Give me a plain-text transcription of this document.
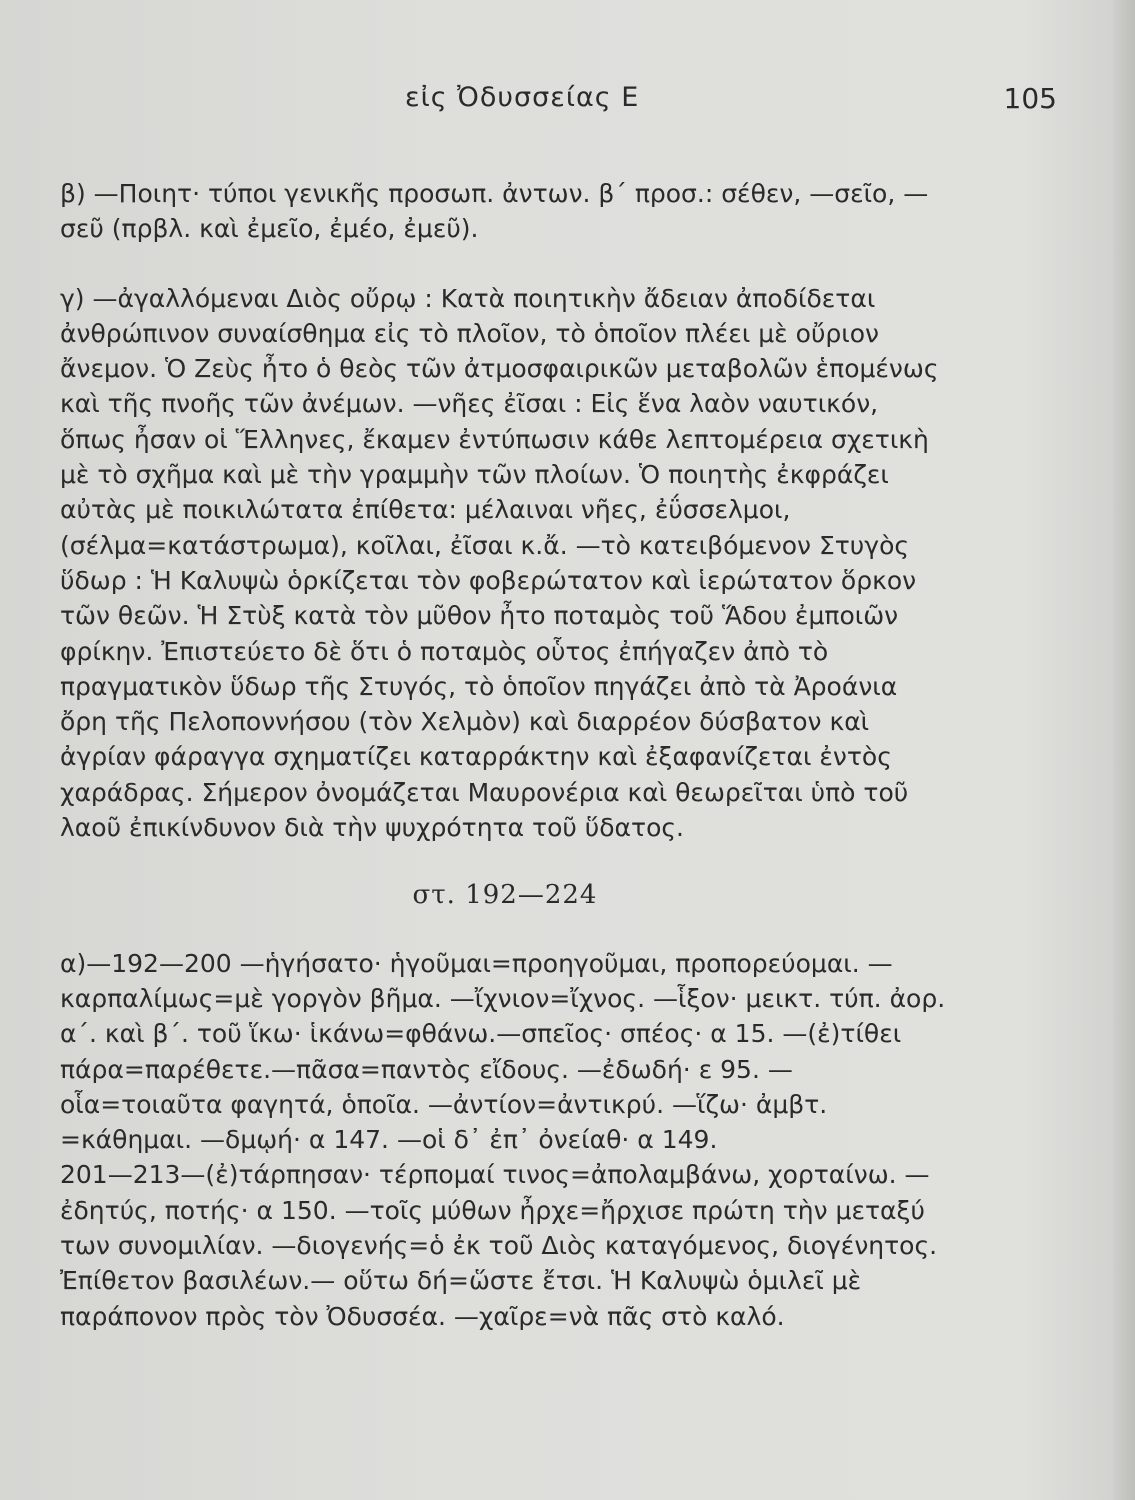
εἰς Ὀδυσσείας Ε	105

β) —Ποιητ· τύποι γενικῆς προσωπ. ἀντων. β΄ προσ.: σέθεν, —σεῖο, —σεῦ (πρβλ. καὶ ἐμεῖο, ἐμέο, ἐμεῦ).

γ) —ἀγαλλόμεναι Διὸς οὔρῳ : Κατὰ ποιητικὴν ἄδειαν ἀποδίδεται ἀνθρώπινον συναίσθημα εἰς τὸ πλοῖον, τὸ ὁποῖον πλέει μὲ οὔριον ἄνεμον. Ὁ Ζεὺς ἦτο ὁ θεὸς τῶν ἀτμοσφαιρικῶν μεταβολῶν ἑπομένως καὶ τῆς πνοῆς τῶν ἀνέμων. —νῆες ἐῖσαι : Εἰς ἕνα λαὸν ναυτικόν, ὅπως ἦσαν οἱ Ἕλληνες, ἔκαμεν ἐντύπωσιν κάθε λεπτομέρεια σχετικὴ μὲ τὸ σχῆμα καὶ μὲ τὴν γραμμὴν τῶν πλοίων. Ὁ ποιητὴς ἐκφράζει αὐτὰς μὲ ποικιλώτατα ἐπίθετα: μέλαιναι νῆες, ἐΰσσελμοι, (σέλμα=κατάστρωμα), κοῖλαι, ἐῖσαι κ.ἄ. —τὸ κατειβόμενον Στυγὸς ὕδωρ : Ἡ Καλυψὼ ὁρκίζεται τὸν φοβερώτατον καὶ ἱερώτατον ὅρκον τῶν θεῶν. Ἡ Στὺξ κατὰ τὸν μῦθον ἦτο ποταμὸς τοῦ Ἅδου ἐμποιῶν φρίκην. Ἐπιστεύετο δὲ ὅτι ὁ ποταμὸς οὗτος ἐπήγαζεν ἀπὸ τὸ πραγματικὸν ὕδωρ τῆς Στυγός, τὸ ὁποῖον πηγάζει ἀπὸ τὰ Ἀροάνια ὄρη τῆς Πελοποννήσου (τὸν Χελμὸν) καὶ διαρρέον δύσβατον καὶ ἀγρίαν φάραγγα σχηματίζει καταρράκτην καὶ ἐξαφανίζεται ἐντὸς χαράδρας. Σήμερον ὀνομάζεται Μαυρονέρια καὶ θεωρεῖται ὑπὸ τοῦ λαοῦ ἐπικίνδυνον διὰ τὴν ψυχρότητα τοῦ ὕδατος.

στ. 192—224

α)—192—200 —ἡγήσατο· ἡγοῦμαι=προηγοῦμαι, προπορεύομαι. —καρπαλίμως=μὲ γοργὸν βῆμα. —ἴχνιον=ἴχνος. —ἷξον· μεικτ. τύπ. ἀορ. α΄. καὶ β΄. τοῦ ἵκω· ἱκάνω=φθάνω.—σπεῖος· σπέος· α 15. —(ἐ)τίθει πάρα=παρέθετε.—πᾶσα=παντὸς εἴδους. —ἐδωδή· ε 95. —οἷα=τοιαῦτα φαγητά, ὁποῖα. —ἀντίον=ἀντικρύ. —ἵζω· ἀμβτ. =κάθημαι. —δμῳή· α 147. —οἱ δ᾿ ἐπ᾿ ὀνείαθ· α 149.

201—213—(ἐ)τάρπησαν· τέρπομαί τινος=ἀπολαμβάνω, χορταίνω. —ἐδητύς, ποτής· α 150. —τοῖς μύθων ἦρχε=ἤρχισε πρώτη τὴν μεταξύ των συνομιλίαν. —διογενής=ὁ ἐκ τοῦ Διὸς καταγόμενος, διογένητος. Ἐπίθετον βασιλέων.— οὕτω δή=ὥστε ἔτσι. Ἡ Καλυψὼ ὁμιλεῖ μὲ παράπονον πρὸς τὸν Ὀδυσσέα. —χαῖρε=νὰ πᾶς στὸ καλό.
